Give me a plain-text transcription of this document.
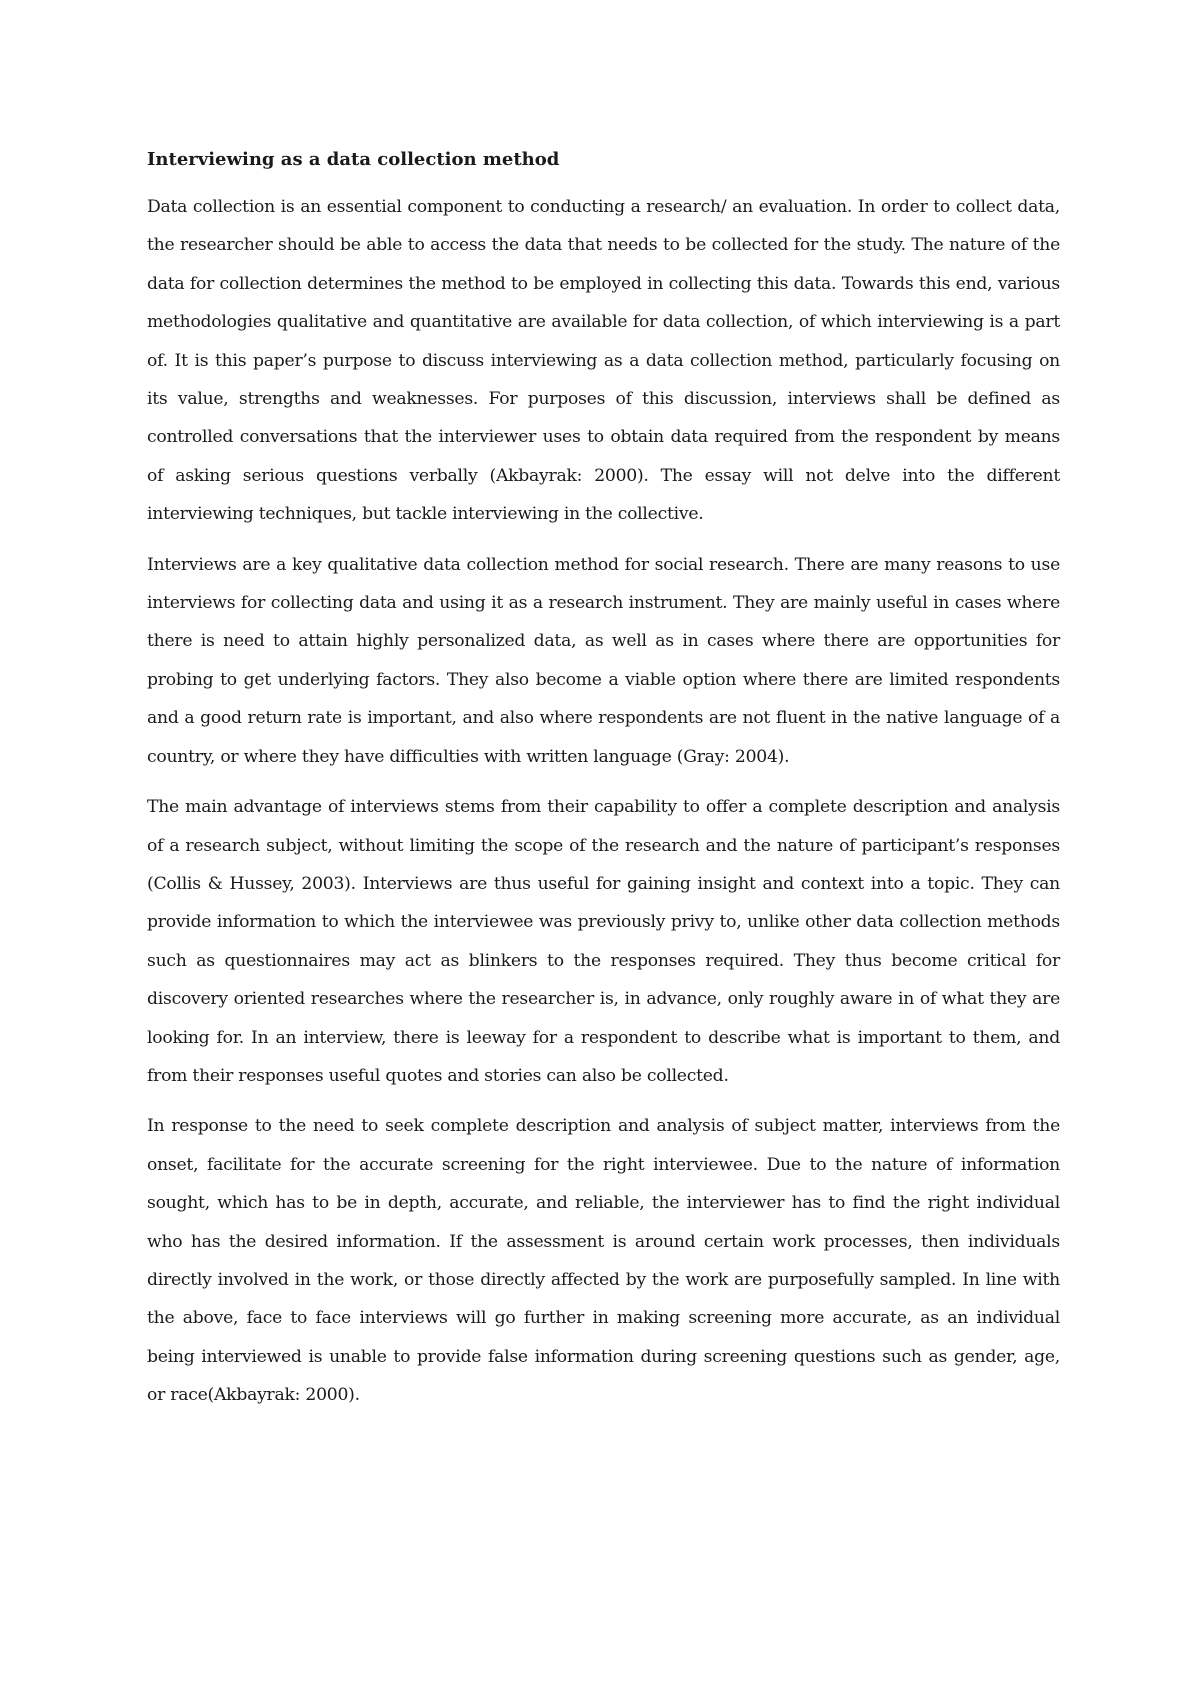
Interviewing as a data collection method

Data collection is an essential component to conducting a research/ an evaluation. In order to collect data, the researcher should be able to access the data that needs to be collected for the study. The nature of the data for collection determines the method to be employed in collecting this data. Towards this end, various methodologies qualitative and quantitative are available for data collection, of which interviewing is a part of. It is this paper’s purpose to discuss interviewing as a data collection method, particularly focusing on its value, strengths and weaknesses. For purposes of this discussion, interviews shall be defined as controlled conversations that the interviewer uses to obtain data required from the respondent by means of asking serious questions verbally (Akbayrak: 2000). The essay will not delve into the different interviewing techniques, but tackle interviewing in the collective.

Interviews are a key qualitative data collection method for social research. There are many reasons to use interviews for collecting data and using it as a research instrument. They are mainly useful in cases where there is need to attain highly personalized data, as well as in cases where there are opportunities for probing to get underlying factors. They also become a viable option where there are limited respondents and a good return rate is important, and also where respondents are not fluent in the native language of a country, or where they have difficulties with written language (Gray: 2004).

The main advantage of interviews stems from their capability to offer a complete description and analysis of a research subject, without limiting the scope of the research and the nature of participant’s responses (Collis & Hussey, 2003). Interviews are thus useful for gaining insight and context into a topic. They can provide information to which the interviewee was previously privy to, unlike other data collection methods such as questionnaires may act as blinkers to the responses required. They thus become critical for discovery oriented researches where the researcher is, in advance, only roughly aware in of what they are looking for. In an interview, there is leeway for a respondent to describe what is important to them, and from their responses useful quotes and stories can also be collected.

In response to the need to seek complete description and analysis of subject matter, interviews from the onset, facilitate for the accurate screening for the right interviewee. Due to the nature of information sought, which has to be in depth, accurate, and reliable, the interviewer has to find the right individual who has the desired information. If the assessment is around certain work processes, then individuals directly involved in the work, or those directly affected by the work are purposefully sampled. In line with the above, face to face interviews will go further in making screening more accurate, as an individual being interviewed is unable to provide false information during screening questions such as gender, age, or race(Akbayrak: 2000).
